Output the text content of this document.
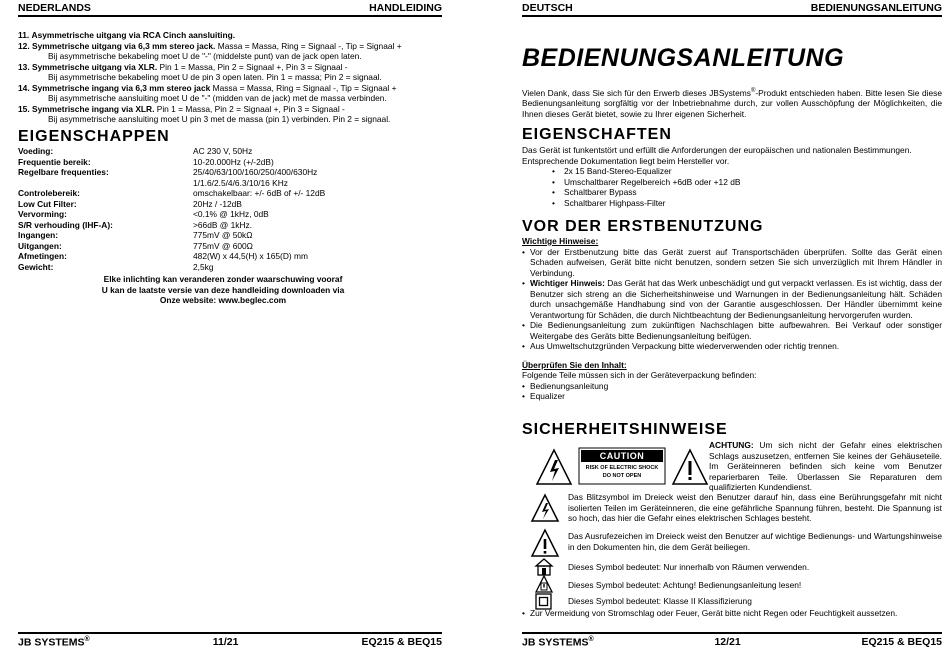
NEDERLANDS	HANDLEIDING
11. Asymmetrische uitgang via RCA Cinch aansluiting.
12. Symmetrische uitgang via 6,3 mm stereo jack. Massa = Massa, Ring = Signaal -, Tip = Signaal +
Bij asymmetrische bekabeling moet U de "-" (middelste punt) van de jack open laten.
13. Symmetrische uitgang via XLR. Pin 1 = Massa, Pin 2 = Signaal +, Pin 3 = Signaal -
Bij asymmetrische bekabeling moet U de pin 3 open laten. Pin 1 = massa; Pin 2 = signaal.
14. Symmetrische ingang via 6,3 mm stereo jack Massa = Massa, Ring = Signaal -, Tip = Signaal +
Bij asymmetrische aansluiting moet U de "-" (midden van de jack) met de massa verbinden.
15. Symmetrische ingang via XLR. Pin 1 = Massa, Pin 2 = Signaal +, Pin 3 = Signaal -
Bij asymmetrische aansluiting moet U pin 3 met de massa (pin 1) verbinden. Pin 2 = signaal.
EIGENSCHAPPEN
Voeding:	AC 230 V, 50Hz
Frequentie bereik:	10-20.000Hz (+/-2dB)
Regelbare frequenties:	25/40/63/100/160/250/400/630Hz
1/1.6/2.5/4/6.3/10/16 KHz
Controlebereik:	omschakelbaar: +/- 6dB of +/- 12dB
Low Cut Filter:	20Hz / -12dB
Vervorming:	<0.1% @ 1kHz, 0dB
S/R verhouding (IHF-A):	>66dB @ 1kHz.
Ingangen:	775mV @ 50kΩ
Uitgangen:	775mV @ 600Ω
Afmetingen:	482(W) x 44,5(H) x 165(D) mm
Gewicht:	2,5kg
Elke inlichting kan veranderen zonder waarschuwing vooraf
U kan de laatste versie van deze handleiding downloaden via
Onze website: www.beglec.com
JB SYSTEMS®	11/21	EQ215 & BEQ15
DEUTSCH	BEDIENUNGSANLEITUNG
BEDIENUNGSANLEITUNG
Vielen Dank, dass Sie sich für den Erwerb dieses JBSystems®-Produkt entschieden haben. Bitte lesen Sie diese Bedienungsanleitung sorgfältig vor der Inbetriebnahme durch, zur vollen Ausschöpfung der Möglichkeiten, die Ihnen dieses Gerät bietet, sowie zu Ihrer eigenen Sicherheit.
EIGENSCHAFTEN
Das Gerät ist funkentstört und erfüllt die Anforderungen der europäischen und nationalen Bestimmungen. Entsprechende Dokumentation liegt beim Hersteller vor.
• 2x 15 Band-Stereo-Equalizer
• Umschaltbarer Regelbereich +6dB oder +12 dB
• Schaltbarer Bypass
• Schaltbarer Highpass-Filter
VOR DER ERSTBENUTZUNG
Wichtige Hinweise:
• Vor der Erstbenutzung bitte das Gerät zuerst auf Transportschäden überprüfen. Sollte das Gerät einen Schaden aufweisen, Gerät bitte nicht benutzen, sondern setzen Sie sich unverzüglich mit Ihrem Händler in Verbindung.
• Wichtiger Hinweis: Das Gerät hat das Werk unbeschädigt und gut verpackt verlassen. Es ist wichtig, dass der Benutzer sich streng an die Sicherheitshinweise und Warnungen in der Bedienungsanleitung hält. Schäden durch unsachgemäße Handhabung sind von der Garantie ausgeschlossen. Der Händler übernimmt keine Verantwortung für Schäden, die durch Nichtbeachtung der Bedienungsanleitung hervorgerufen wurden.
• Die Bedienungsanleitung zum zukünftigen Nachschlagen bitte aufbewahren. Bei Verkauf oder sonstiger Weitergabe des Geräts bitte Bedienungsanleitung beifügen.
• Aus Umweltschutzgründen Verpackung bitte wiederverwenden oder richtig trennen.
Überprüfen Sie den Inhalt:
Folgende Teile müssen sich in der Geräteverpackung befinden:
• Bedienungsanleitung
• Equalizer
SICHERHEITSHINWEISE
CAUTION
RISK OF ELECTRIC SHOCK
DO NOT OPEN
ACHTUNG: Um sich nicht der Gefahr eines elektrischen Schlags auszusetzen, entfernen Sie keines der Gehäuseteile. Im Geräteinneren befinden sich keine vom Benutzer reparierbaren Teile. Überlassen Sie Reparaturen dem qualifizierten Kundendienst.
Das Blitzsymbol im Dreieck weist den Benutzer darauf hin, dass eine Berührungsgefahr mit nicht isolierten Teilen im Geräteinneren, die eine gefährliche Spannung führen, besteht. Die Spannung ist so hoch, das hier die Gefahr eines elektrischen Schlages besteht.
Das Ausrufezeichen im Dreieck weist den Benutzer auf wichtige Bedienungs- und Wartungshinweise in den Dokumenten hin, die dem Gerät beiliegen.
Dieses Symbol bedeutet: Nur innerhalb von Räumen verwenden.
Dieses Symbol bedeutet: Achtung! Bedienungsanleitung lesen!
Dieses Symbol bedeutet: Klasse II Klassifizierung
• Zur Vermeidung von Stromschlag oder Feuer, Gerät bitte nicht Regen oder Feuchtigkeit aussetzen.
JB SYSTEMS®	12/21	EQ215 & BEQ15
